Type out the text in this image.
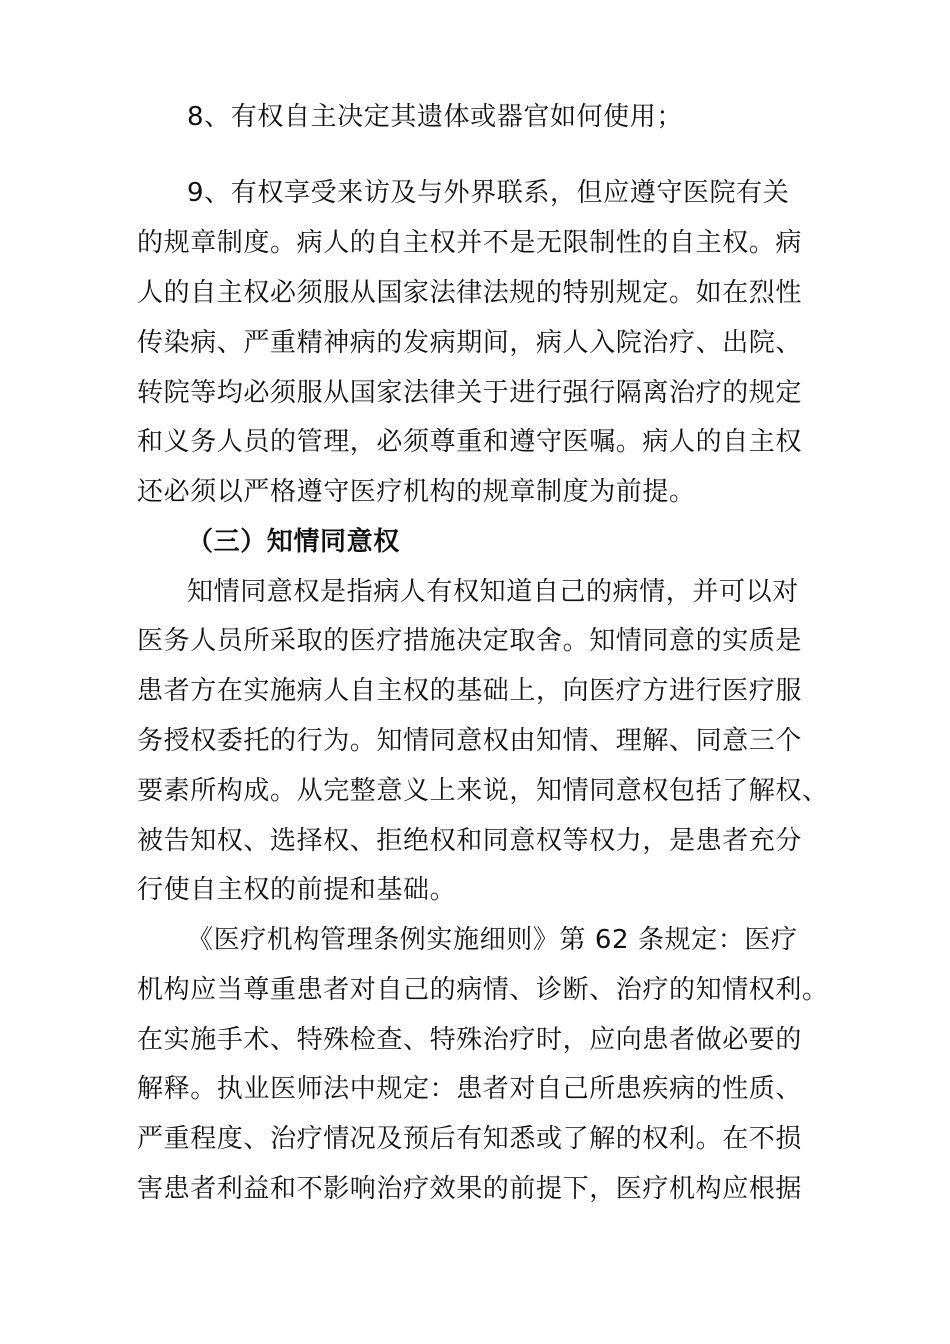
8、有权自主决定其遗体或器官如何使用；
9、有权享受来访及与外界联系，但应遵守医院有关
的规章制度。病人的自主权并不是无限制性的自主权。病
人的自主权必须服从国家法律法规的特别规定。如在烈性
传染病、严重精神病的发病期间，病人入院治疗、出院、
转院等均必须服从国家法律关于进行强行隔离治疗的规定
和义务人员的管理，必须尊重和遵守医嘱。病人的自主权
还必须以严格遵守医疗机构的规章制度为前提。
（三）知情同意权
知情同意权是指病人有权知道自己的病情，并可以对
医务人员所采取的医疗措施决定取舍。知情同意的实质是
患者方在实施病人自主权的基础上，向医疗方进行医疗服
务授权委托的行为。知情同意权由知情、理解、同意三个
要素所构成。从完整意义上来说，知情同意权包括了解权、
被告知权、选择权、拒绝权和同意权等权力，是患者充分
行使自主权的前提和基础。
《医疗机构管理条例实施细则》第 62 条规定：医疗
机构应当尊重患者对自己的病情、诊断、治疗的知情权利。
在实施手术、特殊检查、特殊治疗时，应向患者做必要的
解释。执业医师法中规定：患者对自己所患疾病的性质、
严重程度、治疗情况及预后有知悉或了解的权利。在不损
害患者利益和不影响治疗效果的前提下，医疗机构应根据
